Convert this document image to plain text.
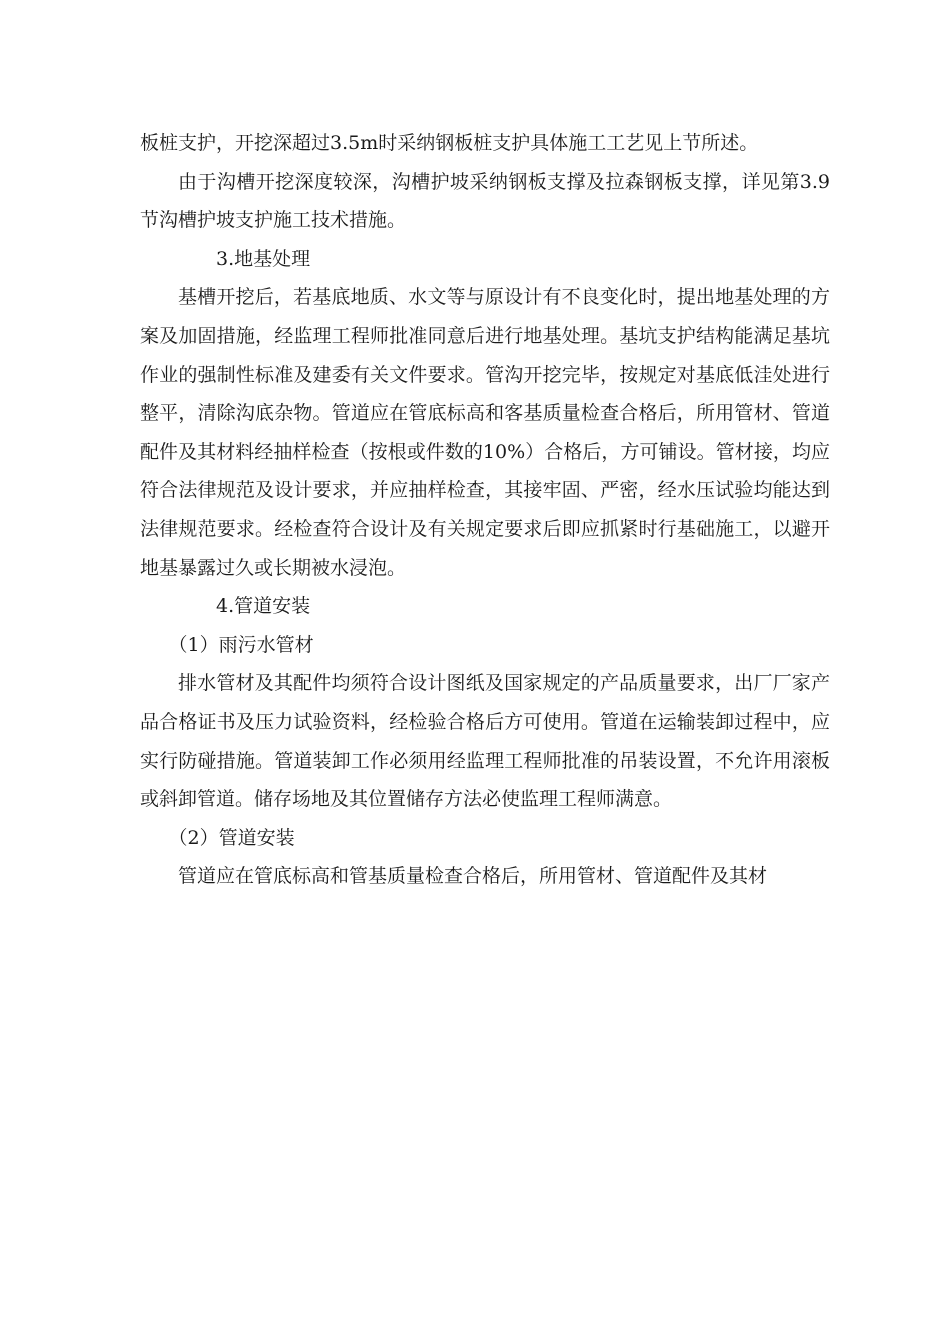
板桩支护，开挖深超过3.5m时采纳钢板桩支护具体施工工艺见上节所述。

由于沟槽开挖深度较深，沟槽护坡采纳钢板支撑及拉森钢板支撑，详见第3.9节沟槽护坡支护施工技术措施。

3.地基处理

基槽开挖后，若基底地质、水文等与原设计有不良变化时，提出地基处理的方案及加固措施，经监理工程师批准同意后进行地基处理。基坑支护结构能满足基坑作业的强制性标准及建委有关文件要求。管沟开挖完毕，按规定对基底低洼处进行整平，清除沟底杂物。管道应在管底标高和客基质量检查合格后，所用管材、管道配件及其材料经抽样检查（按根或件数的10%）合格后，方可铺设。管材接，均应符合法律规范及设计要求，并应抽样检查，其接牢固、严密，经水压试验均能达到法律规范要求。经检查符合设计及有关规定要求后即应抓紧时行基础施工，以避开地基暴露过久或长期被水浸泡。

4.管道安装

（1）雨污水管材

排水管材及其配件均须符合设计图纸及国家规定的产品质量要求，出厂厂家产品合格证书及压力试验资料，经检验合格后方可使用。管道在运输装卸过程中，应实行防碰措施。管道装卸工作必须用经监理工程师批准的吊装设置，不允许用滚板或斜卸管道。储存场地及其位置储存方法必使监理工程师满意。

（2）管道安装

管道应在管底标高和管基质量检查合格后，所用管材、管道配件及其材
